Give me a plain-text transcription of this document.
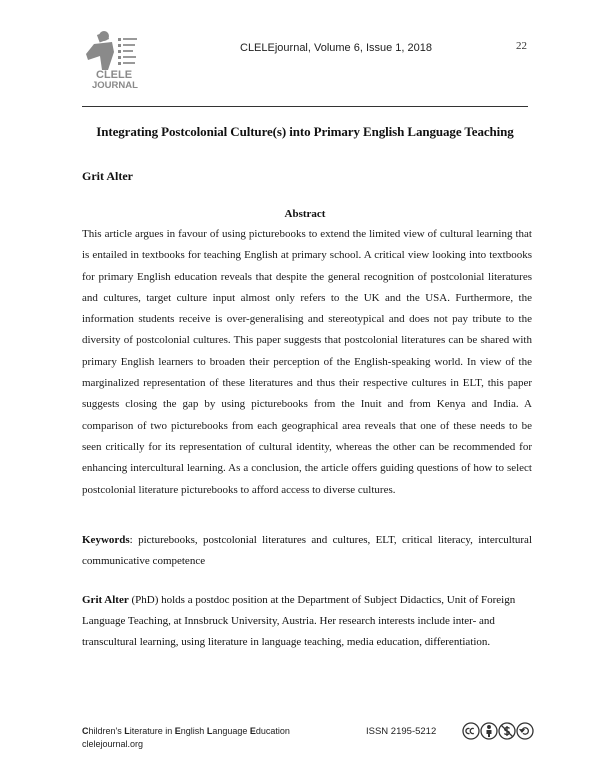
CLELE
JOURNAL
CLELEjournal, Volume 6, Issue 1, 2018	22
Integrating Postcolonial Culture(s) into Primary English Language Teaching
Grit Alter
Abstract

This article argues in favour of using picturebooks to extend the limited view of cultural learning that is entailed in textbooks for teaching English at primary school. A critical view looking into textbooks for primary English education reveals that despite the general recognition of postcolonial literatures and cultures, target culture input almost only refers to the UK and the USA. Furthermore, the information students receive is over-generalising and stereotypical and does not pay tribute to the diversity of postcolonial cultures. This paper suggests that postcolonial literatures can be shared with primary English learners to broaden their perception of the English-speaking world. In view of the marginalized representation of these literatures and thus their respective cultures in ELT, this paper suggests closing the gap by using picturebooks from the Inuit and from Kenya and India. A comparison of two picturebooks from each geographical area reveals that one of these needs to be seen critically for its representation of cultural identity, whereas the other can be recommended for enhancing intercultural learning. As a conclusion, the article offers guiding questions of how to select postcolonial literature picturebooks to afford access to diverse cultures.

Keywords: picturebooks, postcolonial literatures and cultures, ELT, critical literacy, intercultural communicative competence

Grit Alter (PhD) holds a postdoc position at the Department of Subject Didactics, Unit of Foreign Language Teaching, at Innsbruck University, Austria. Her research interests include inter- and transcultural learning, using literature in language teaching, media education, differentiation.

Children's Literature in English Language Education
clelejournal.org
ISSN 2195-5212
